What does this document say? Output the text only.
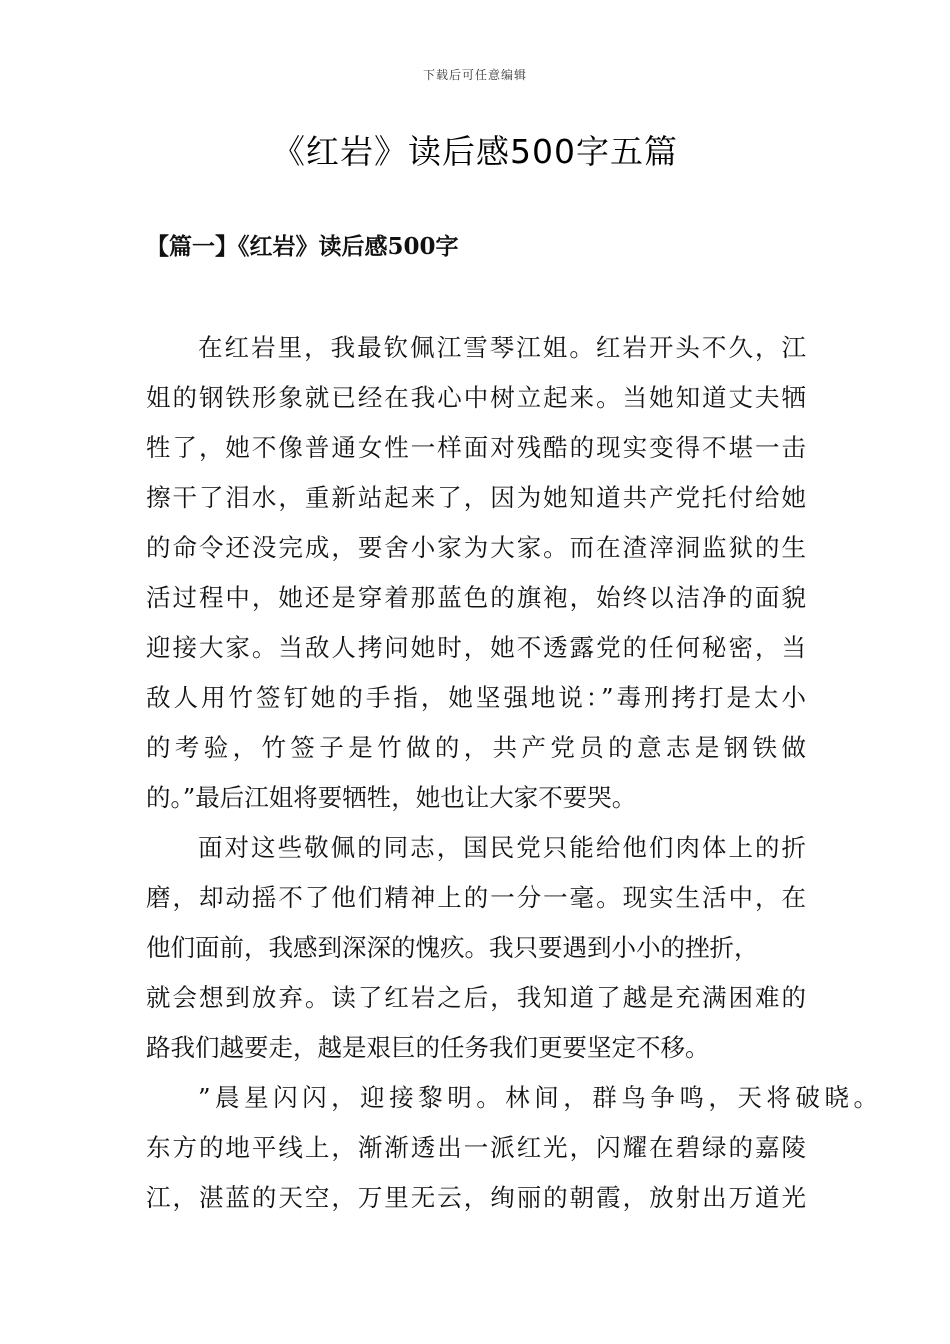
下载后可任意编辑
《红岩》读后感500字五篇
【篇一】《红岩》读后感500字
在红岩里，我最钦佩江雪琴江姐。红岩开头不久，江
姐的钢铁形象就已经在我心中树立起来。当她知道丈夫牺
牲了，她不像普通女性一样面对残酷的现实变得不堪一击
擦干了泪水，重新站起来了，因为她知道共产党托付给她
的命令还没完成，要舍小家为大家。而在渣滓洞监狱的生
活过程中，她还是穿着那蓝色的旗袍，始终以洁净的面貌
迎接大家。当敌人拷问她时，她不透露党的任何秘密，当
敌人用竹签钉她的手指，她坚强地说：”毒刑拷打是太小
的考验，竹签子是竹做的，共产党员的意志是钢铁做
的。”最后江姐将要牺牲，她也让大家不要哭。
面对这些敬佩的同志，国民党只能给他们肉体上的折
磨，却动摇不了他们精神上的一分一毫。现实生活中，在
他们面前，我感到深深的愧疚。我只要遇到小小的挫折，
就会想到放弃。读了红岩之后，我知道了越是充满困难的
路我们越要走，越是艰巨的任务我们更要坚定不移。
”晨星闪闪，迎接黎明。林间，群鸟争鸣，天将破晓。
东方的地平线上，渐渐透出一派红光，闪耀在碧绿的嘉陵
江，湛蓝的天空，万里无云，绚丽的朝霞，放射出万道光
